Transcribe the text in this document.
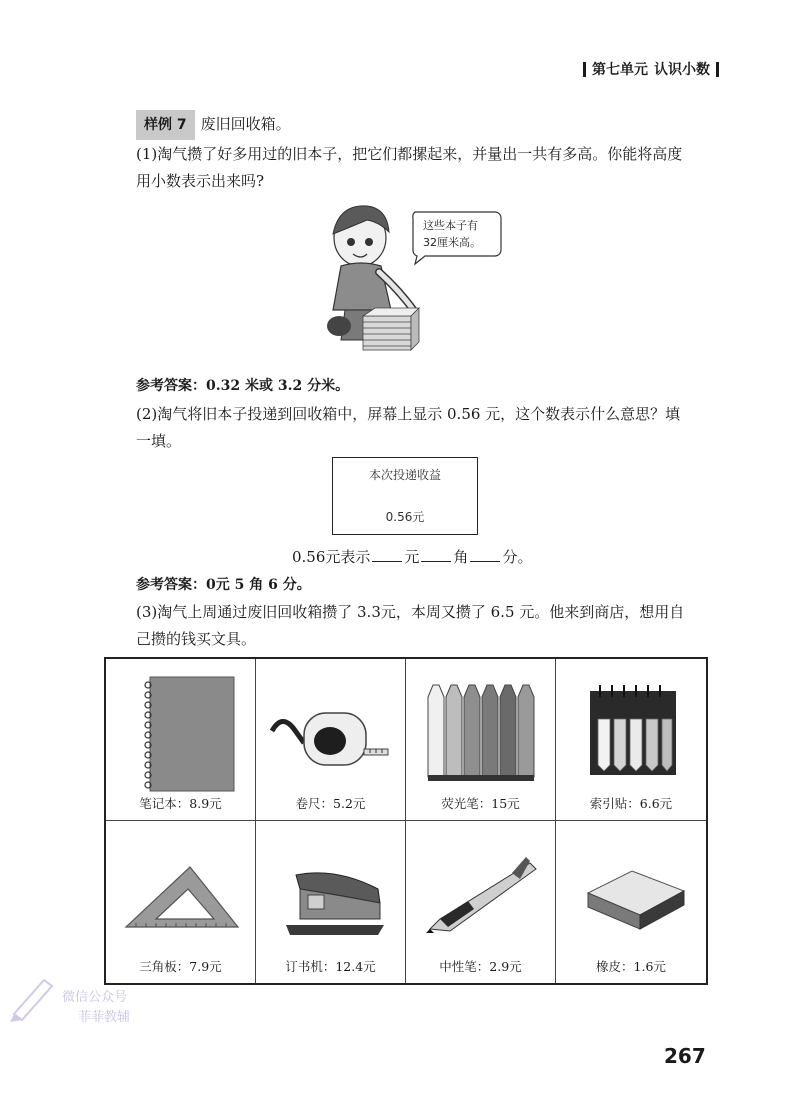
第七单元 认识小数
样例 7 废旧回收箱。
(1)淘气攒了好多用过的旧本子，把它们都摞起来，并量出一共有多高。你能将高度
用小数表示出来吗?
这些本子有
32厘米高。
参考答案：0.32 米或 3.2 分米。
(2)淘气将旧本子投递到回收箱中，屏幕上显示 0.56 元，这个数表示什么意思？填
一填。
本次投递收益
0.56元
0.56元表示 元 角 分。
参考答案：0元 5 角 6 分。
(3)淘气上周通过废旧回收箱攒了 3.3元，本周又攒了 6.5 元。他来到商店，想用自
己攒的钱买文具。
笔记本：8.9元	卷尺：5.2元	荧光笔：15元	索引贴：6.6元
三角板：7.9元	订书机：12.4元	中性笔：2.9元	橡皮：1.6元
微信公众号
菲菲教辅
267
